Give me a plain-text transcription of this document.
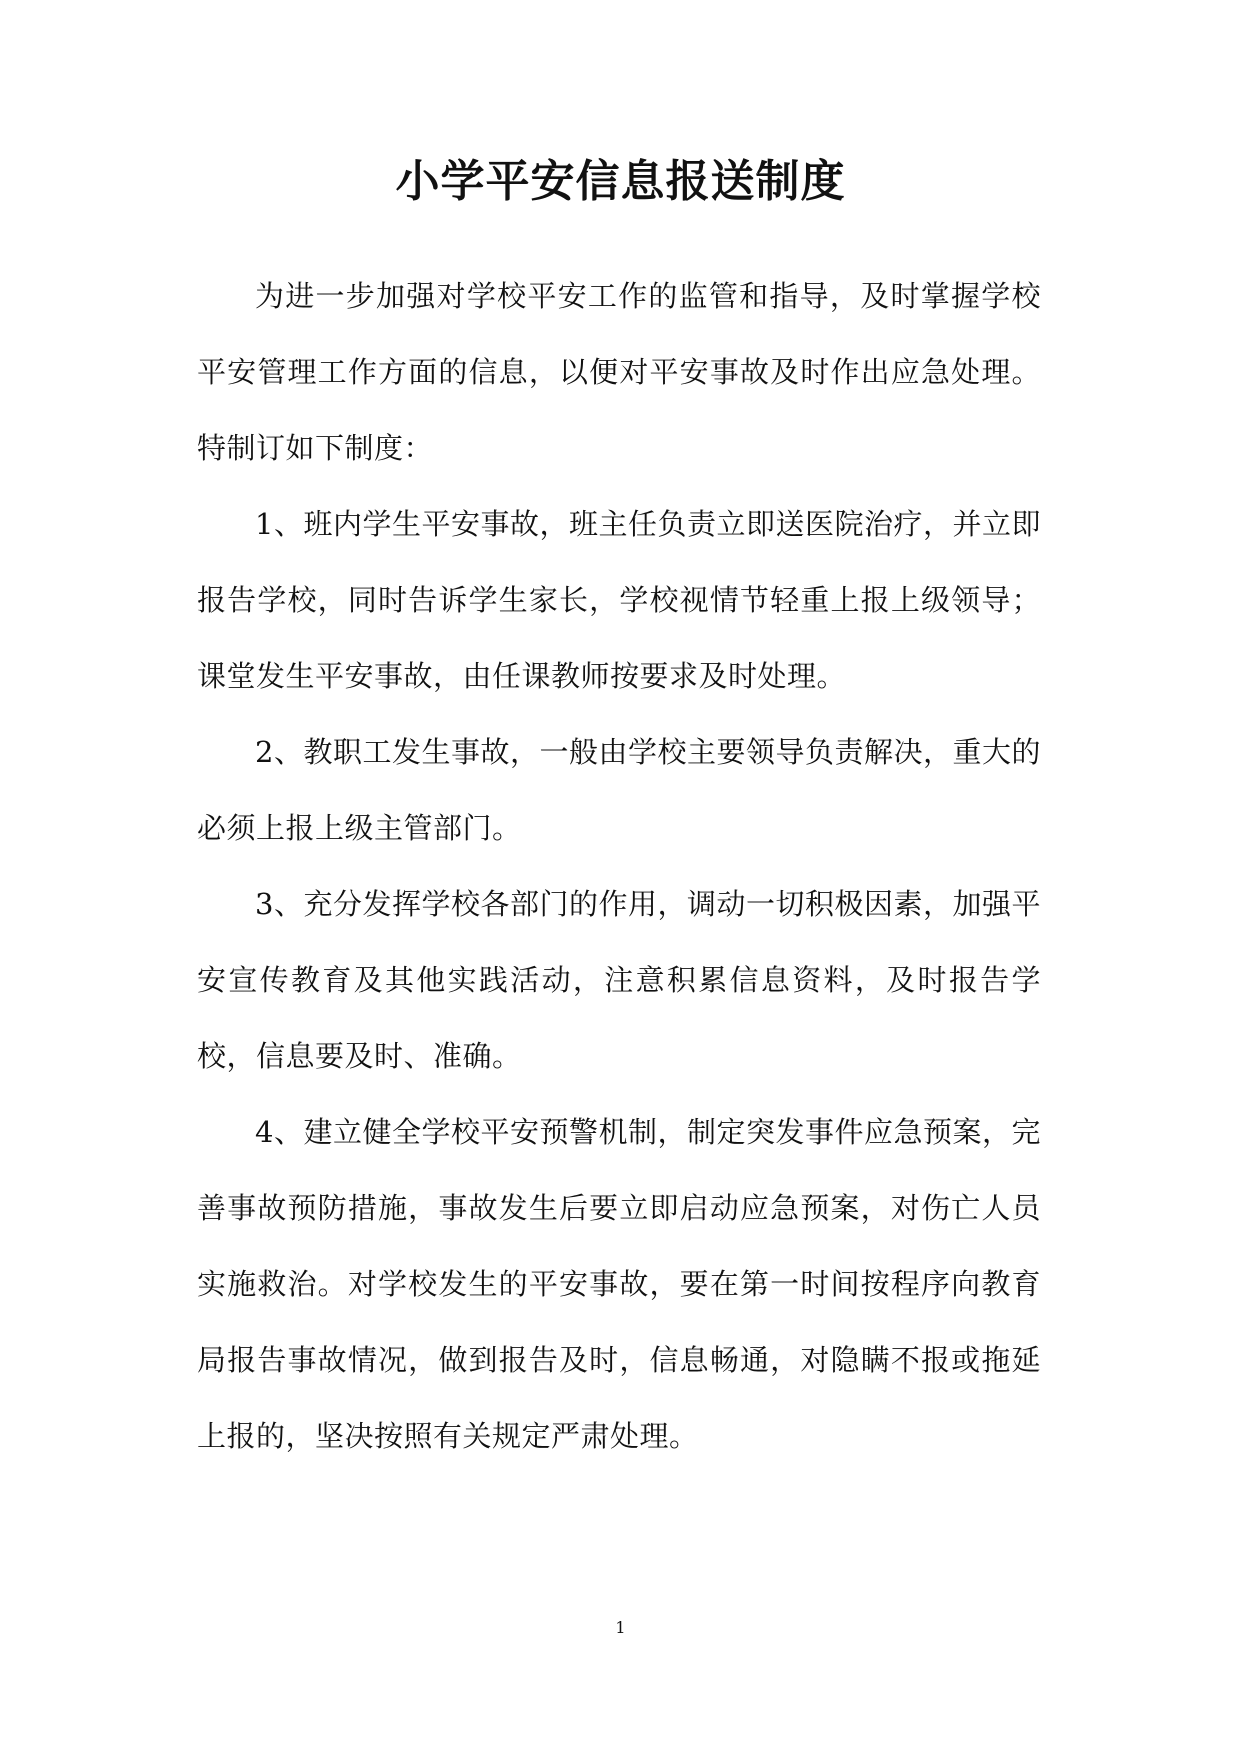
小学平安信息报送制度

为进一步加强对学校平安工作的监管和指导，及时掌握学校平安管理工作方面的信息，以便对平安事故及时作出应急处理。特制订如下制度：

1、班内学生平安事故，班主任负责立即送医院治疗，并立即报告学校，同时告诉学生家长，学校视情节轻重上报上级领导；课堂发生平安事故，由任课教师按要求及时处理。

2、教职工发生事故，一般由学校主要领导负责解决，重大的必须上报上级主管部门。

3、充分发挥学校各部门的作用，调动一切积极因素，加强平安宣传教育及其他实践活动，注意积累信息资料，及时报告学校，信息要及时、准确。

4、建立健全学校平安预警机制，制定突发事件应急预案，完善事故预防措施，事故发生后要立即启动应急预案，对伤亡人员实施救治。对学校发生的平安事故，要在第一时间按程序向教育局报告事故情况，做到报告及时，信息畅通，对隐瞒不报或拖延上报的，坚决按照有关规定严肃处理。

1
